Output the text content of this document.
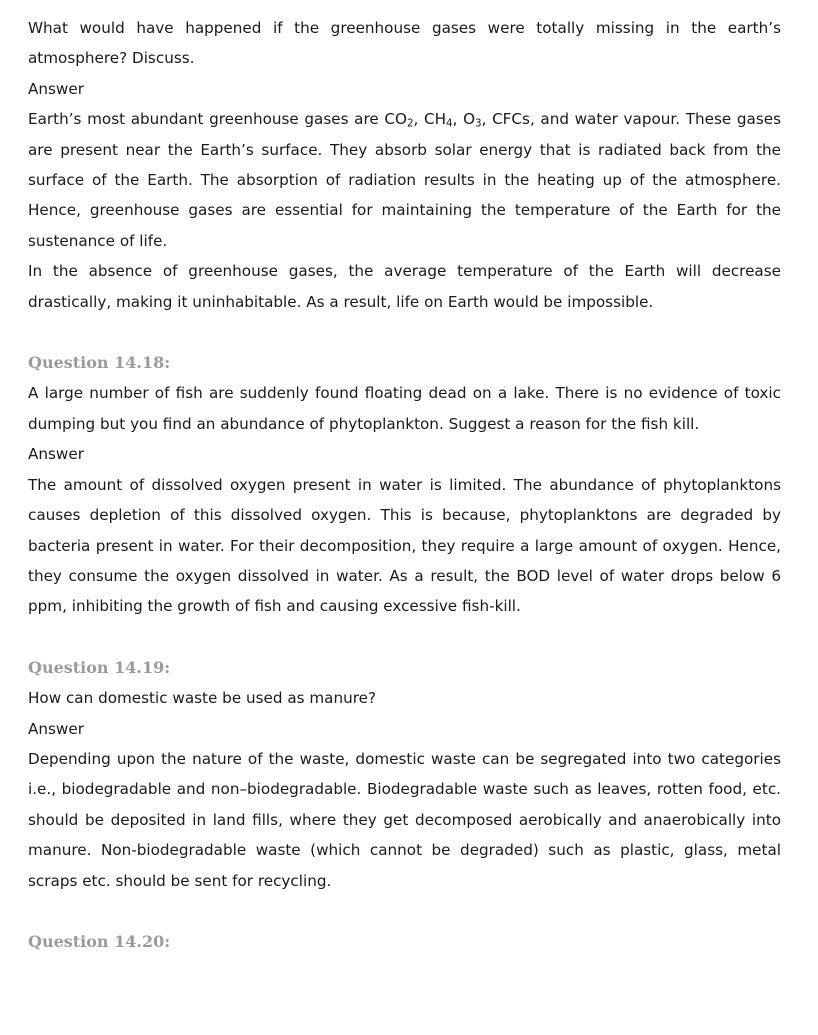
What would have happened if the greenhouse gases were totally missing in the earth’s atmosphere? Discuss.

Answer

Earth’s most abundant greenhouse gases are $CO_2$, $CH_4$, $O_3$, CFCs, and water vapour. These gases are present near the Earth’s surface. They absorb solar energy that is radiated back from the surface of the Earth. The absorption of radiation results in the heating up of the atmosphere. Hence, greenhouse gases are essential for maintaining the temperature of the Earth for the sustenance of life.

In the absence of greenhouse gases, the average temperature of the Earth will decrease drastically, making it uninhabitable. As a result, life on Earth would be impossible.

Question 14.18:

A large number of fish are suddenly found floating dead on a lake. There is no evidence of toxic dumping but you find an abundance of phytoplankton. Suggest a reason for the fish kill.

Answer

The amount of dissolved oxygen present in water is limited. The abundance of phytoplanktons causes depletion of this dissolved oxygen. This is because, phytoplanktons are degraded by bacteria present in water. For their decomposition, they require a large amount of oxygen. Hence, they consume the oxygen dissolved in water. As a result, the BOD level of water drops below 6 ppm, inhibiting the growth of fish and causing excessive fish-kill.

Question 14.19:

How can domestic waste be used as manure?

Answer

Depending upon the nature of the waste, domestic waste can be segregated into two categories i.e., biodegradable and non–biodegradable. Biodegradable waste such as leaves, rotten food, etc. should be deposited in land fills, where they get decomposed aerobically and anaerobically into manure. Non-biodegradable waste (which cannot be degraded) such as plastic, glass, metal scraps etc. should be sent for recycling.

Question 14.20:
